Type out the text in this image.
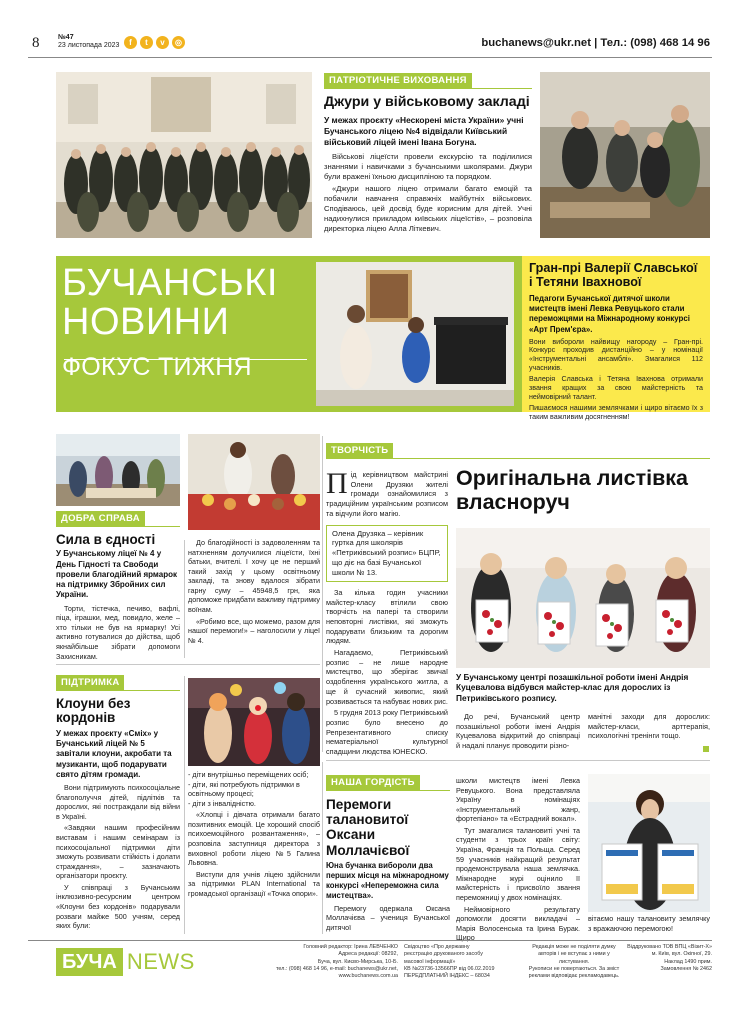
8	№47
23 листопада 2023	f	t	v	◎	buchanews@ukr.net | Тел.: (098) 468 14 96
ПАТРІОТИЧНЕ ВИХОВАННЯ
Джури у військовому закладі
У межах проєкту «Нескорені міста України» учні Бучанського ліцею №4 відвідали Київський військовий ліцей імені Івана Богуна.

Військові ліцеїсти провели екскурсію та поділилися знаннями і навичками з бучанськими школярами. Джури були вражені їхньою дисципліною та порядком.

«Джури нашого ліцею отримали багато емоцій та побачили навчання справжніх майбутніх військових. Сподіваюсь, цей досвід буде корисним для дітей. Учні надихнулися прикладом київських ліцеїстів», – розповіла директорка ліцею Алла Літкевич.

БУЧАНСЬКІ
НОВИНИ
ФОКУС ТИЖНЯ
Гран-прі Валерії Славської і Тетяни Івахнової
Педагоги Бучанської дитячої школи мистецтв імені Левка Ревуцького стали переможцями на Міжнародному конкурсі «Арт Прем'єра».

Вони вибороли найвищу нагороду – Гран-прі. Конкурс проходив дистанційно – у номінації «Інструментальні ансамблі». Змагалися 112 учасників.

Валерія Славська і Тетяна Івахнова отримали звання кращих за свою майстерність та неймовірний талант.

Пишаємося нашими землячками і щиро вітаємо їх з таким важливим досягненням!

ДОБРА СПРАВА
Сила в єдності
У Бучанському ліцеї № 4 у День Гідності та Свободи провели благодійний ярмарок на підтримку Збройних сил України.

Торти, тістечка, печиво, вафлі, піца, іграшки, мед, повидло, желе – хто тільки не був на ярмарку! Усі активно готувалися до дійства, щоб якнайбільше зібрати допомоги Захисникам.

До благодійності із задоволенням та натхненням долучилися ліцеїсти, їхні батьки, вчителі. І хочу це не перший такий захід у цьому освітньому закладі, та знову вдалося зібрати гарну суму – 45948,5 грн, яка допоможе придбати важливу підтримку воїнам.

«Робимо все, що можемо, разом для нашої перемоги!» – наголосили у ліцеї № 4.

ТВОРЧІСТЬ
П ід керівництвом майстрині Олени Друзяки жителі громади ознайомилися з традиційним українським розписом та відчули його магію.

Олена Друзяка – керівник гуртка для школярів «Петриківський розпис» БЦПР, що діє на базі Бучанської школи № 13.

За кілька годин учасники майстер-класу втілили свою творчість на папері та створили неповторні листівки, які зможуть подарувати близьким та дорогим людям.

Нагадаємо, Петриківський розпис – не лише народне мистецтво, що зберігає звичаї оздоблення українського житла, а ще й сучасний живопис, який розвивається та набуває нових рис.

5 грудня 2013 року Петриківський розпис було внесено до Репрезентативного списку нематеріальної культурної спадщини людства ЮНЕСКО.

Оригінальна листівка власноруч
У Бучанському центрі позашкільної роботи імені Андрія Куцевалова відбувся майстер-клас для дорослих із Петриківського розпису.

До речі, Бучанський центр позашкільної роботи імені Андрія Куцевалова відкритий до співпраці й надалі планує проводити різно-

манітні заходи для дорослих: майстер-класи, арттерапія, психологічні тренінги тощо.

ПІДТРИМКА
Клоуни без кордонів
У межах проєкту «Сміх» у Бучанський ліцей № 5 завітали клоуни, акробати та музиканти, щоб подарувати свято дітям громади.

Вони підтримують психосоціальне благополуччя дітей, підлітків та дорослих, які постраждали від війни в Україні.

«Завдяки нашим професійним виставам і нашим семінарам із психосоціальної підтримки діти зможуть розвивати стійкість і долати страждання», – зазначають організатори проєкту.

У співпраці з Бучанським інклюзивно-ресурсним центром «Клоуни без кордонів» подарували розваги майже 500 учням, серед яких були:

- діти внутрішньо переміщених осіб;
- діти, які потребують підтримки в освітньому процесі;
- діти з інвалідністю.

«Хлопці і дівчата отримали багато позитивних емоцій. Це хороший спосіб психоемоційного розвантаження», – розповіла заступниця директора з виховної роботи ліцею №5 Галина Львовна.

Виступи для учнів ліцею здійснили за підтримки PLAN International та громадської організації «Точка опори».

НАША ГОРДІСТЬ
Перемоги талановитої Оксани Моллачієвої
Юна бучанка вибороли два перших місця на міжнародному конкурсі «Непереможна сила мистецтва».

Перемогу одержала Оксана Моллачієва – учениця Бучанської дитячої

школи мистецтв імені Левка Ревуцького. Вона представляла Україну в номінаціях «Інструментальний жанр, фортепіано» та «Естрадний вокал».

Тут змагалися талановиті учні та студенти з трьох країн світу: Україна, Франція та Польща. Серед 59 учасників найкращий результат продемонструвала наша землячка. Міжнародне журі оцінило її майстерність і присвоїло звання переможниці у двох номінаціях.

Неймовірного результату допомогли досягти викладачі – Марія Волосенська та Ірина Бурак. Щиро

вітаємо нашу талановиту землячку з вражаючою перемогою!

БУЧА NEWS
Головний редактор: Ірина ЛЕВЧЕНКО
Адреса редакції: 08292,
Буча, вул. Києво-Мирська, 10-Б.
тел.: (098) 468 14 96, e-mail: buchanews@ukr.net,
www.buchanews.com.ua
Свідоцтво «Про державну
реєстрацію друкованого засобу
масової інформації»
КВ №23736-13566ПР від 06.02.2019
ПЕРЕДПЛАТНИЙ ІНДЕКС – 68034
Редакція може не поділяти думку
авторів і не вступає з ними у листування.
Рукописи не повертаються. За зміст
реклами відповідає рекламодавець.
Віддруковано ТОВ ВПЦ «Візит-Х»
м. Київ, вул. Окіпної, 29.
Наклад 1490 прим.
Замовлення № 2462
